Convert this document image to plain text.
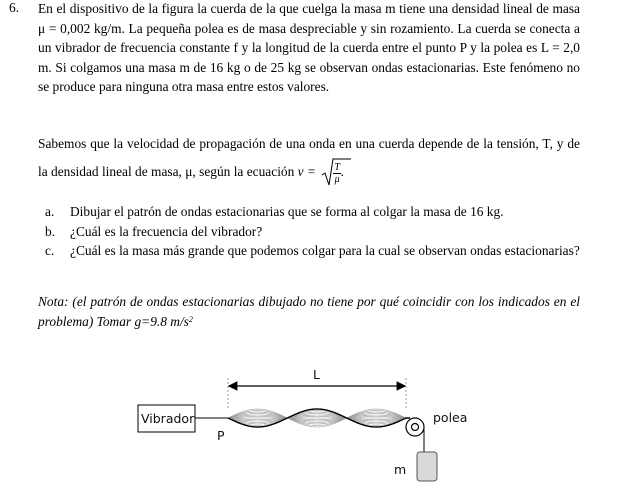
6. En el dispositivo de la figura la cuerda de la que cuelga la masa m tiene una densidad lineal de masa μ = 0,002 kg/m. La pequeña polea es de masa despreciable y sin rozamiento. La cuerda se conecta a un vibrador de frecuencia constante f y la longitud de la cuerda entre el punto P y la polea es L = 2,0 m. Si colgamos una masa m de 16 kg o de 25 kg se observan ondas estacionarias. Este fenómeno no se produce para ninguna otra masa entre estos valores.
Sabemos que la velocidad de propagación de una onda en una cuerda depende de la tensión, T, y de la densidad lineal de masa, μ, según la ecuación $v = \frac{T}{\mu}$ .
a. Dibujar el patrón de ondas estacionarias que se forma al colgar la masa de 16 kg.
b. ¿Cuál es la frecuencia del vibrador?
c. ¿Cuál es la masa más grande que podemos colgar para la cual se observan ondas estacionarias?
Nota: (el patrón de ondas estacionarias dibujado no tiene por qué coincidir con los indicados en el problema) Tomar g=9.8 $m/s^2$
L
Vibrador
P
polea
m
